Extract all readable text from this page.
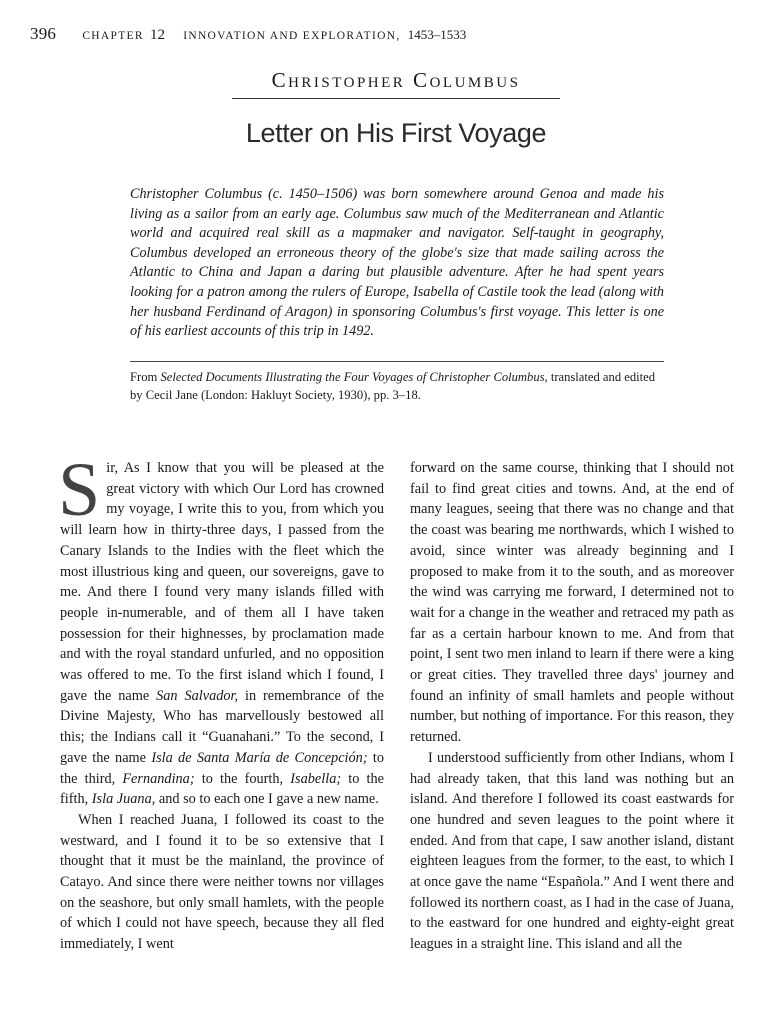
396 CHAPTER 12 INNOVATION AND EXPLORATION, 1453–1533
Christopher Columbus
Letter on His First Voyage
Christopher Columbus (c. 1450–1506) was born somewhere around Genoa and made his living as a sailor from an early age. Columbus saw much of the Mediterranean and Atlantic world and acquired real skill as a mapmaker and navigator. Self-taught in geography, Columbus developed an erroneous theory of the globe's size that made sailing across the Atlantic to China and Japan a daring but plausible adventure. After he had spent years looking for a patron among the rulers of Europe, Isabella of Castile took the lead (along with her husband Ferdinand of Aragon) in sponsoring Columbus's first voyage. This letter is one of his earliest accounts of this trip in 1492.
From Selected Documents Illustrating the Four Voyages of Christopher Columbus, translated and edited by Cecil Jane (London: Hakluyt Society, 1930), pp. 3–18.

Sir, As I know that you will be pleased at the great victory with which Our Lord has crowned my voyage, I write this to you, from which you will learn how in thirty-three days, I passed from the Canary Islands to the Indies with the fleet which the most illustrious king and queen, our sovereigns, gave to me. And there I found very many islands filled with people in-numerable, and of them all I have taken possession for their highnesses, by proclamation made and with the royal standard unfurled, and no opposition was offered to me. To the first island which I found, I gave the name San Salvador, in remembrance of the Divine Majesty, Who has marvellously bestowed all this; the Indians call it “Guanahani.” To the second, I gave the name Isla de Santa María de Concepción; to the third, Fernandina; to the fourth, Isabella; to the fifth, Isla Juana, and so to each one I gave a new name.

When I reached Juana, I followed its coast to the westward, and I found it to be so extensive that I thought that it must be the mainland, the province of Catayo. And since there were neither towns nor villages on the seashore, but only small hamlets, with the people of which I could not have speech, because they all fled immediately, I went

forward on the same course, thinking that I should not fail to find great cities and towns. And, at the end of many leagues, seeing that there was no change and that the coast was bearing me northwards, which I wished to avoid, since winter was already beginning and I proposed to make from it to the south, and as moreover the wind was carrying me forward, I determined not to wait for a change in the weather and retraced my path as far as a certain harbour known to me. And from that point, I sent two men inland to learn if there were a king or great cities. They travelled three days' journey and found an infinity of small hamlets and people without number, but nothing of importance. For this reason, they returned.

I understood sufficiently from other Indians, whom I had already taken, that this land was nothing but an island. And therefore I followed its coast eastwards for one hundred and seven leagues to the point where it ended. And from that cape, I saw another island, distant eighteen leagues from the former, to the east, to which I at once gave the name “Española.” And I went there and followed its northern coast, as I had in the case of Juana, to the eastward for one hundred and eighty-eight great leagues in a straight line. This island and all the
